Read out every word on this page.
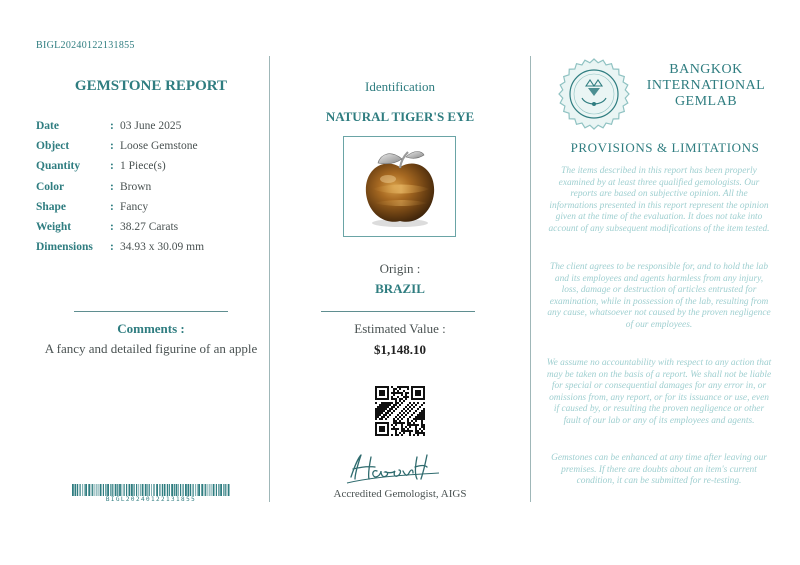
BIGL20240122131855
GEMSTONE REPORT
Date	: 03 June 2025
Object	: Loose Gemstone
Quantity	: 1 Piece(s)
Color	: Brown
Shape	: Fancy
Weight	: 38.27 Carats
Dimensions	: 34.93 x 30.09 mm
Comments :
A fancy and detailed figurine of an apple
BIGL20240122131855
Identification
NATURAL TIGER'S EYE
Origin :
BRAZIL
Estimated Value :
$1,148.10
Accredited Gemologist, AIGS
BANGKOK
INTERNATIONAL
GEMLAB
PROVISIONS & LIMITATIONS
The items described in this report has been properly examined by at least three qualified gemologists. Our reports are based on subjective opinion. All the informations presented in this report represent the opinion given at the time of the evaluation. It does not take into account of any subsequent modifications of the item tested.
The client agrees to be responsible for, and to hold the lab and its employees and agents harmless from any injury, loss, damage or destruction of articles entrusted for examination, while in possession of the lab, resulting from any cause, whatsoever not caused by the proven negligence of our employees.
We assume no accountability with respect to any action that may be taken on the basis of a report. We shall not be liable for special or consequential damages for any error in, or omissions from, any report, or for its issuance or use, even if caused by, or resulting the proven negligence or other fault of our lab or any of its employees and agents.
Gemstones can be enhanced at any time after leaving our premises. If there are doubts about an item's current condition, it can be submitted for re-testing.
